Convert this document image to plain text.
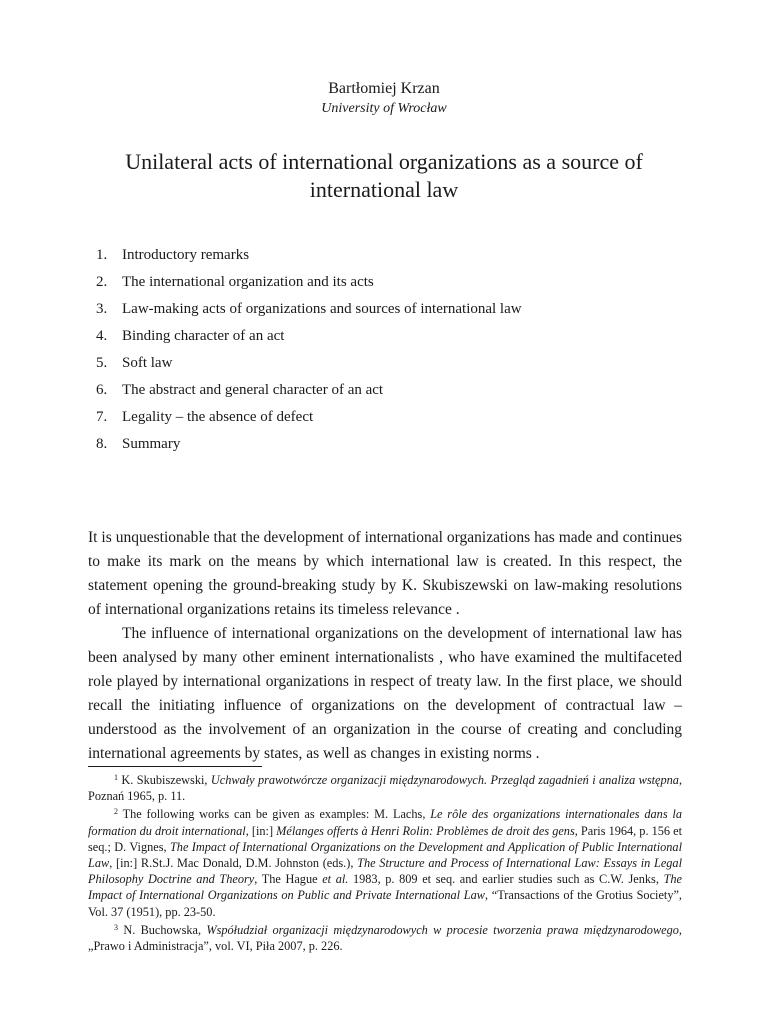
Bartłomiej Krzan
University of Wrocław
Unilateral acts of international organizations as a source of international law
1. Introductory remarks
2. The international organization and its acts
3. Law-making acts of organizations and sources of international law
4. Binding character of an act
5. Soft law
6. The abstract and general character of an act
7. Legality – the absence of defect
8. Summary

It is unquestionable that the development of international organizations has made and continues to make its mark on the means by which international law is created. In this respect, the statement opening the ground-breaking study by K. Skubiszewski on law-making resolutions of international organizations retains its timeless relevance .

The influence of international organizations on the development of international law has been analysed by many other eminent internationalists , who have examined the multifaceted role played by international organizations in respect of treaty law. In the first place, we should recall the initiating influence of organizations on the development of contractual law – understood as the involvement of an organization in the course of creating and concluding international agreements by states, as well as changes in existing norms .

$^1$ K. Skubiszewski, Uchwały prawotwórcze organizacji międzynarodowych. Przegląd zagadnień i analiza wstępna, Poznań 1965, p. 11.

$^2$ The following works can be given as examples: M. Lachs, Le rôle des organizations internationales dans la formation du droit international, [in:] Mélanges offerts à Henri Rolin: Problèmes de droit des gens, Paris 1964, p. 156 et seq.; D. Vignes, The Impact of International Organizations on the Development and Application of Public International Law, [in:] R.St.J. Mac Donald, D.M. Johnston (eds.), The Structure and Process of International Law: Essays in Legal Philosophy Doctrine and Theory, The Hague et al. 1983, p. 809 et seq. and earlier studies such as C.W. Jenks, The Impact of International Organizations on Public and Private International Law, “Transactions of the Grotius Society”, Vol. 37 (1951), pp. 23-50.

$^3$ N. Buchowska, Współudział organizacji międzynarodowych w procesie tworzenia prawa międzynarodowego, „Prawo i Administracja”, vol. VI, Piła 2007, p. 226.
